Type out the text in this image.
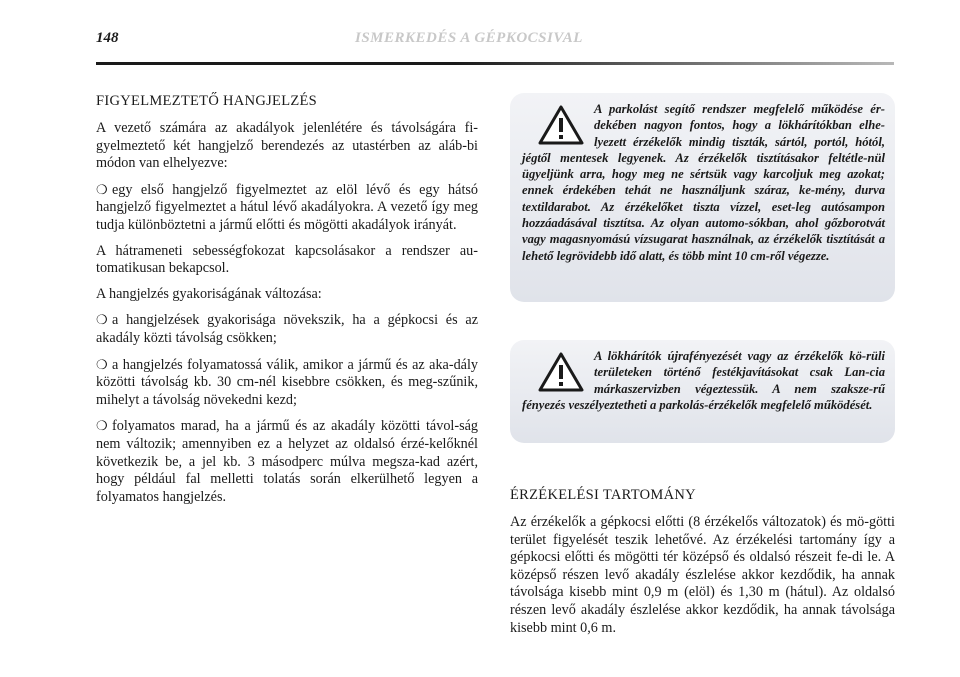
148	ISMERKEDÉS A GÉPKOCSIVAL
FIGYELMEZTETŐ HANGJELZÉS

A vezető számára az akadályok jelenlétére és távolságára fi-gyelmeztető két hangjelző berendezés az utastérben az aláb-bi módon van elhelyezve:

❍ egy első hangjelző figyelmeztet az elöl lévő és egy hátsó hangjelző figyelmeztet a hátul lévő akadályokra. A vezető így meg tudja különböztetni a jármű előtti és mögötti akadályok irányát.

A hátrameneti sebességfokozat kapcsolásakor a rendszer au-tomatikusan bekapcsol.

A hangjelzés gyakoriságának változása:

❍ a hangjelzések gyakorisága növekszik, ha a gépkocsi és az akadály közti távolság csökken;

❍ a hangjelzés folyamatossá válik, amikor a jármű és az aka-dály közötti távolság kb. 30 cm-nél kisebbre csökken, és meg-szűnik, mihelyt a távolság növekedni kezd;

❍ folyamatos marad, ha a jármű és az akadály közötti távol-ság nem változik; amennyiben ez a helyzet az oldalsó érzé-kelőknél következik be, a jel kb. 3 másodperc múlva megsza-kad azért, hogy például fal melletti tolatás során elkerülhető legyen a folyamatos hangjelzés.

A parkolást segítő rendszer megfelelő működése ér-dekében nagyon fontos, hogy a lökhárítókban elhe-lyezett érzékelők mindig tiszták, sártól, portól, hótól, jégtől mentesek legyenek. Az érzékelők tisztításakor feltétle-nül ügyeljünk arra, hogy meg ne sértsük vagy karcoljuk meg azokat; ennek érdekében tehát ne használjunk száraz, ke-mény, durva textildarabot. Az érzékelőket tiszta vízzel, eset-leg autósampon hozzáadásával tisztítsa. Az olyan automo-sókban, ahol gőzborotvát vagy magasnyomású vízsugarat használnak, az érzékelők tisztítását a lehető legrövidebb idő alatt, és több mint 10 cm-ről végezze.
A lökhárítók újrafényezését vagy az érzékelők kö-rüli területeken történő festékjavításokat csak Lan-cia márkaszervizben végeztessük. A nem szaksze-rű fényezés veszélyeztetheti a parkolás-érzékelők megfelelő működését.
ÉRZÉKELÉSI TARTOMÁNY

Az érzékelők a gépkocsi előtti (8 érzékelős változatok) és mö-götti terület figyelését teszik lehetővé. Az érzékelési tartomány így a gépkocsi előtti és mögötti tér középső és oldalsó részeit fe-di le. A középső részen levő akadály észlelése akkor kezdődik, ha annak távolsága kisebb mint 0,9 m (elöl) és 1,30 m (hátul). Az oldalsó részen levő akadály észlelése akkor kezdődik, ha annak távolsága kisebb mint 0,6 m.
